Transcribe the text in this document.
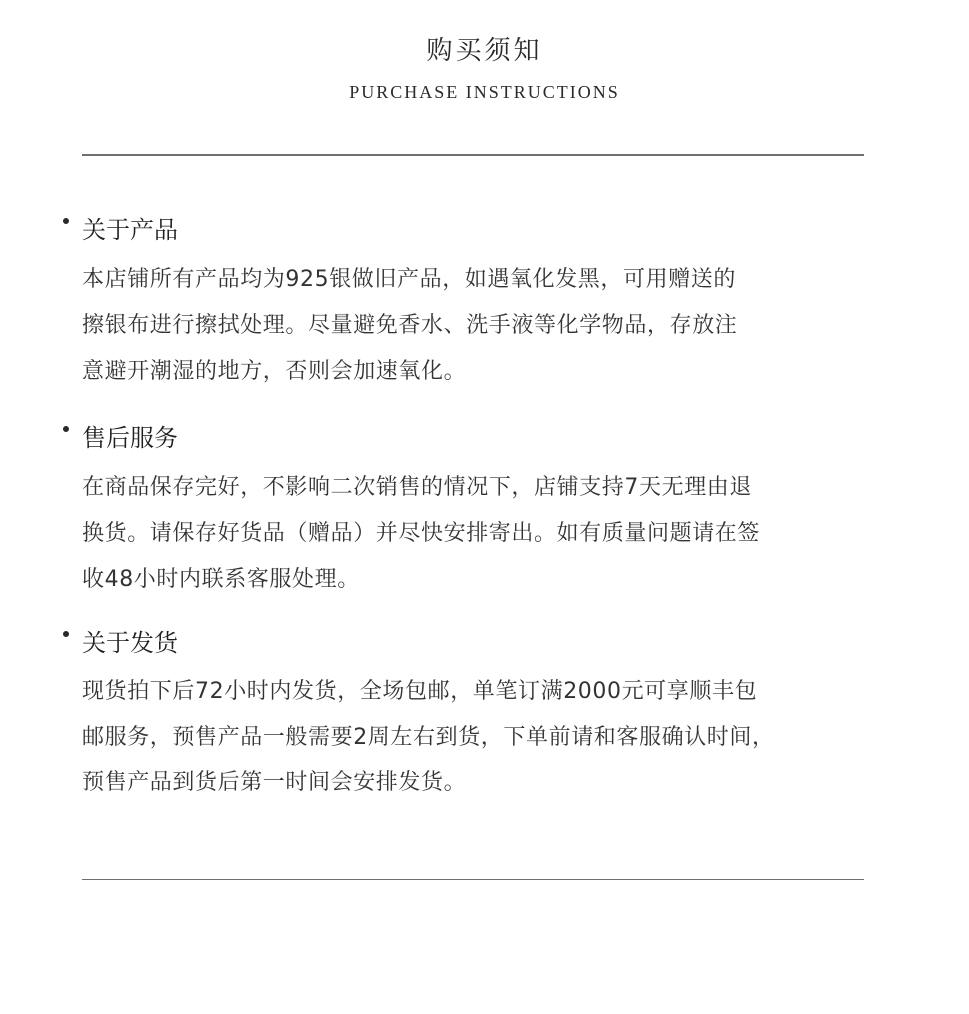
购买须知
PURCHASE INSTRUCTIONS
关于产品
本店铺所有产品均为925银做旧产品，如遇氧化发黑，可用赠送的
擦银布进行擦拭处理。尽量避免香水、洗手液等化学物品，存放注
意避开潮湿的地方，否则会加速氧化。
售后服务
在商品保存完好，不影响二次销售的情况下，店铺支持7天无理由退
换货。请保存好货品（赠品）并尽快安排寄出。如有质量问题请在签
收48小时内联系客服处理。
关于发货
现货拍下后72小时内发货，全场包邮，单笔订满2000元可享顺丰包
邮服务，预售产品一般需要2周左右到货，下单前请和客服确认时间，
预售产品到货后第一时间会安排发货。
